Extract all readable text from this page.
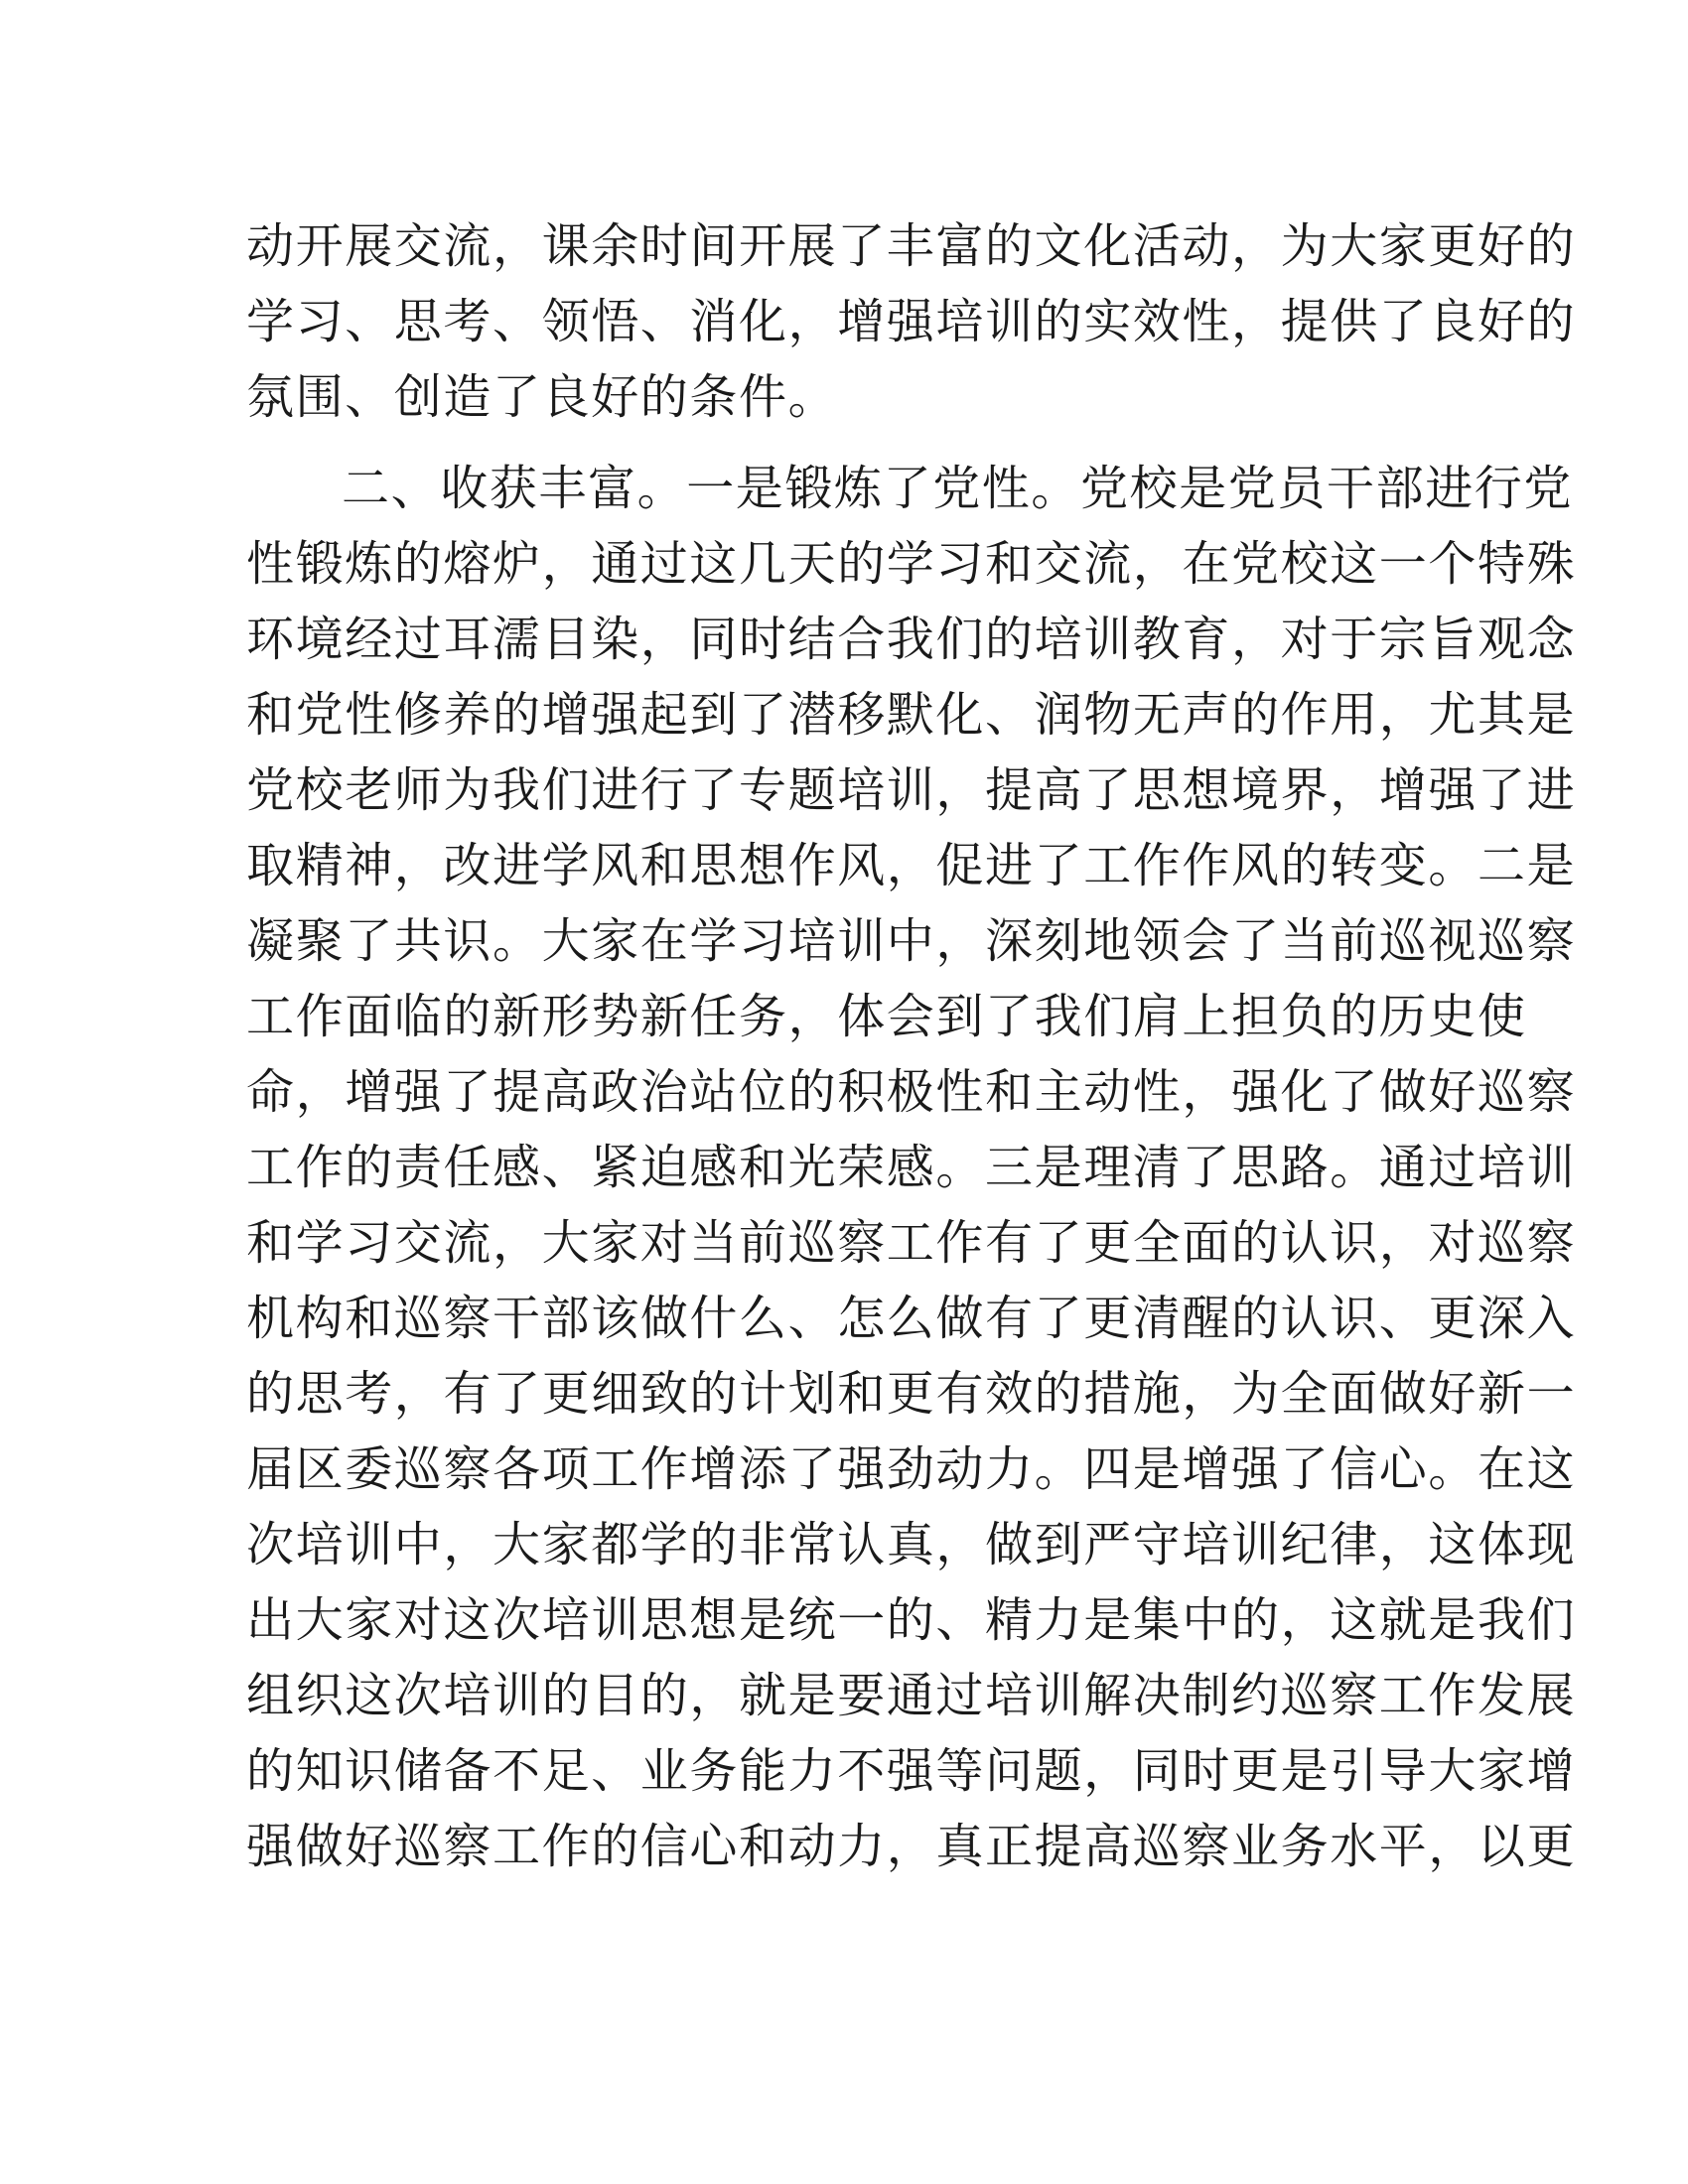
动开展交流，课余时间开展了丰富的文化活动，为大家更好的

学习、思考、领悟、消化，增强培训的实效性，提供了良好的

氛围、创造了良好的条件。

二、收获丰富。一是锻炼了党性。党校是党员干部进行党

性锻炼的熔炉，通过这几天的学习和交流，在党校这一个特殊

环境经过耳濡目染，同时结合我们的培训教育，对于宗旨观念

和党性修养的增强起到了潜移默化、润物无声的作用，尤其是

党校老师为我们进行了专题培训，提高了思想境界，增强了进

取精神，改进学风和思想作风，促进了工作作风的转变。二是

凝聚了共识。大家在学习培训中，深刻地领会了当前巡视巡察

工作面临的新形势新任务，体会到了我们肩上担负的历史使

命，增强了提高政治站位的积极性和主动性，强化了做好巡察

工作的责任感、紧迫感和光荣感。三是理清了思路。通过培训

和学习交流，大家对当前巡察工作有了更全面的认识，对巡察

机构和巡察干部该做什么、怎么做有了更清醒的认识、更深入

的思考，有了更细致的计划和更有效的措施，为全面做好新一

届区委巡察各项工作增添了强劲动力。四是增强了信心。在这

次培训中，大家都学的非常认真，做到严守培训纪律，这体现

出大家对这次培训思想是统一的、精力是集中的，这就是我们

组织这次培训的目的，就是要通过培训解决制约巡察工作发展

的知识储备不足、业务能力不强等问题，同时更是引导大家增

强做好巡察工作的信心和动力，真正提高巡察业务水平，以更
